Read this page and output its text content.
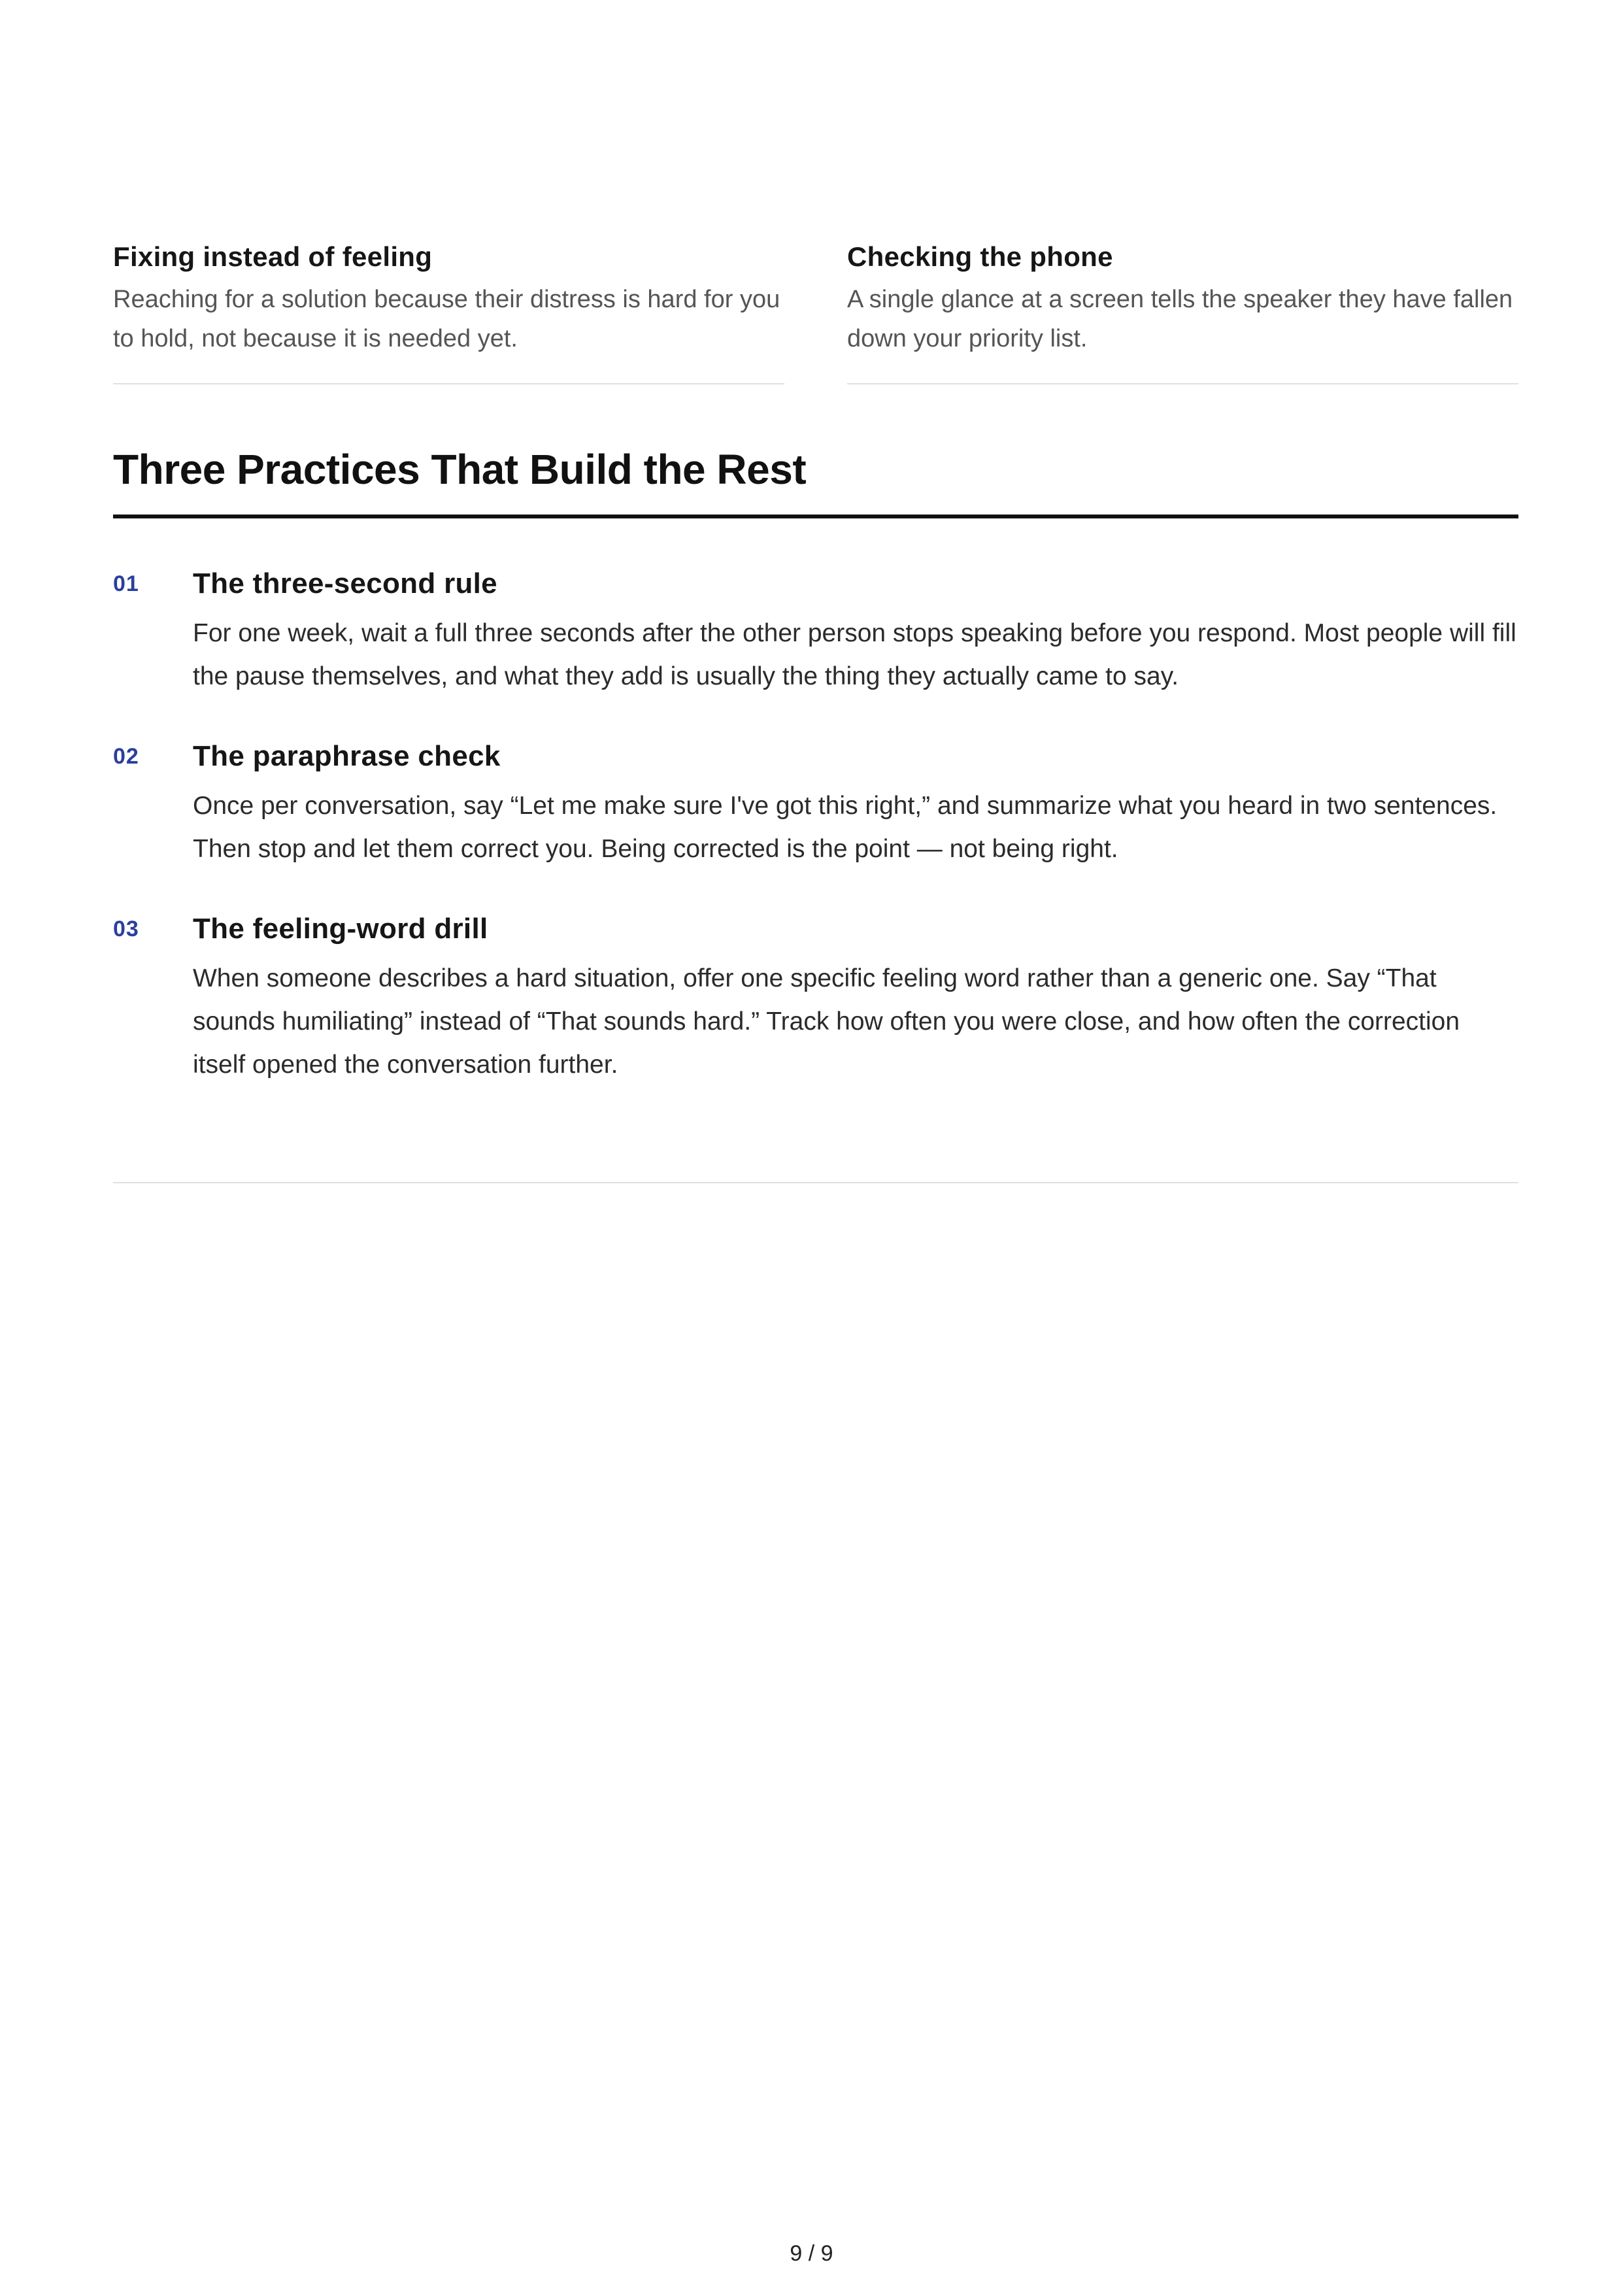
Fixing instead of feeling

Reaching for a solution because their distress is hard for you to hold, not because it is needed yet.

Checking the phone

A single glance at a screen tells the speaker they have fallen down your priority list.

Three Practices That Build the Rest
01	The three-second rule

For one week, wait a full three seconds after the other person stops speaking before you respond. Most people will fill the pause themselves, and what they add is usually the thing they actually came to say.

02	The paraphrase check

Once per conversation, say “Let me make sure I've got this right,” and summarize what you heard in two sentences. Then stop and let them correct you. Being corrected is the point — not being right.

03	The feeling-word drill

When someone describes a hard situation, offer one specific feeling word rather than a generic one. Say “That sounds humiliating” instead of “That sounds hard.” Track how often you were close, and how often the correction itself opened the conversation further.

9 / 9
